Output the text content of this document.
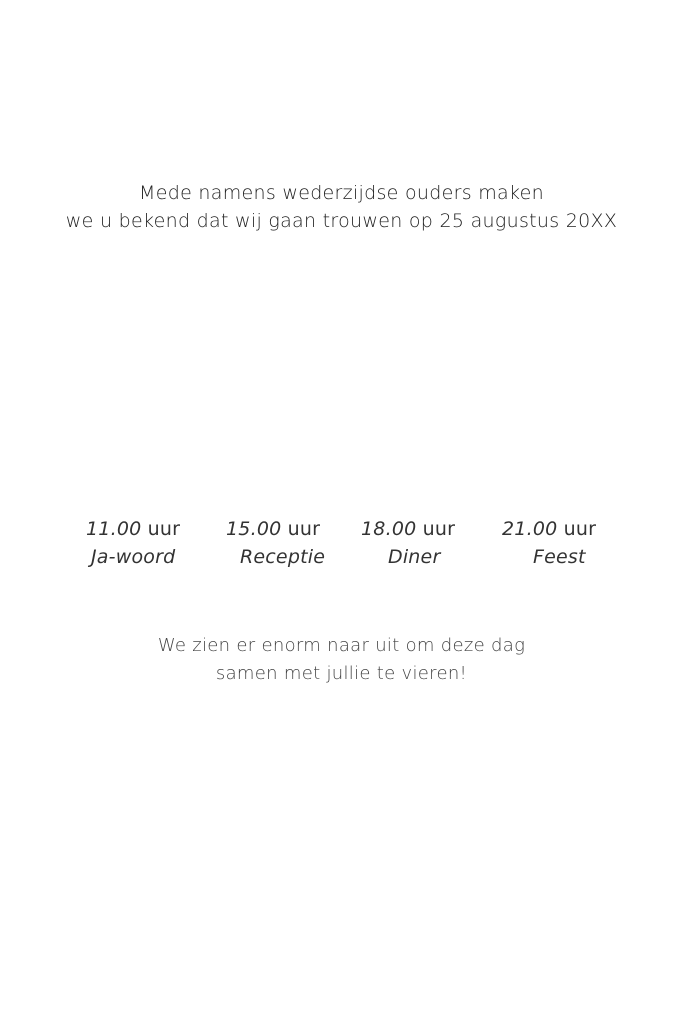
Mede namens wederzijdse ouders maken
we u bekend dat wij gaan trouwen op 25 augustus 20XX
11.00 uur
Ja-woord
15.00 uur
Receptie
18.00 uur
Diner
21.00 uur
Feest
We zien er enorm naar uit om deze dag
samen met jullie te vieren!
